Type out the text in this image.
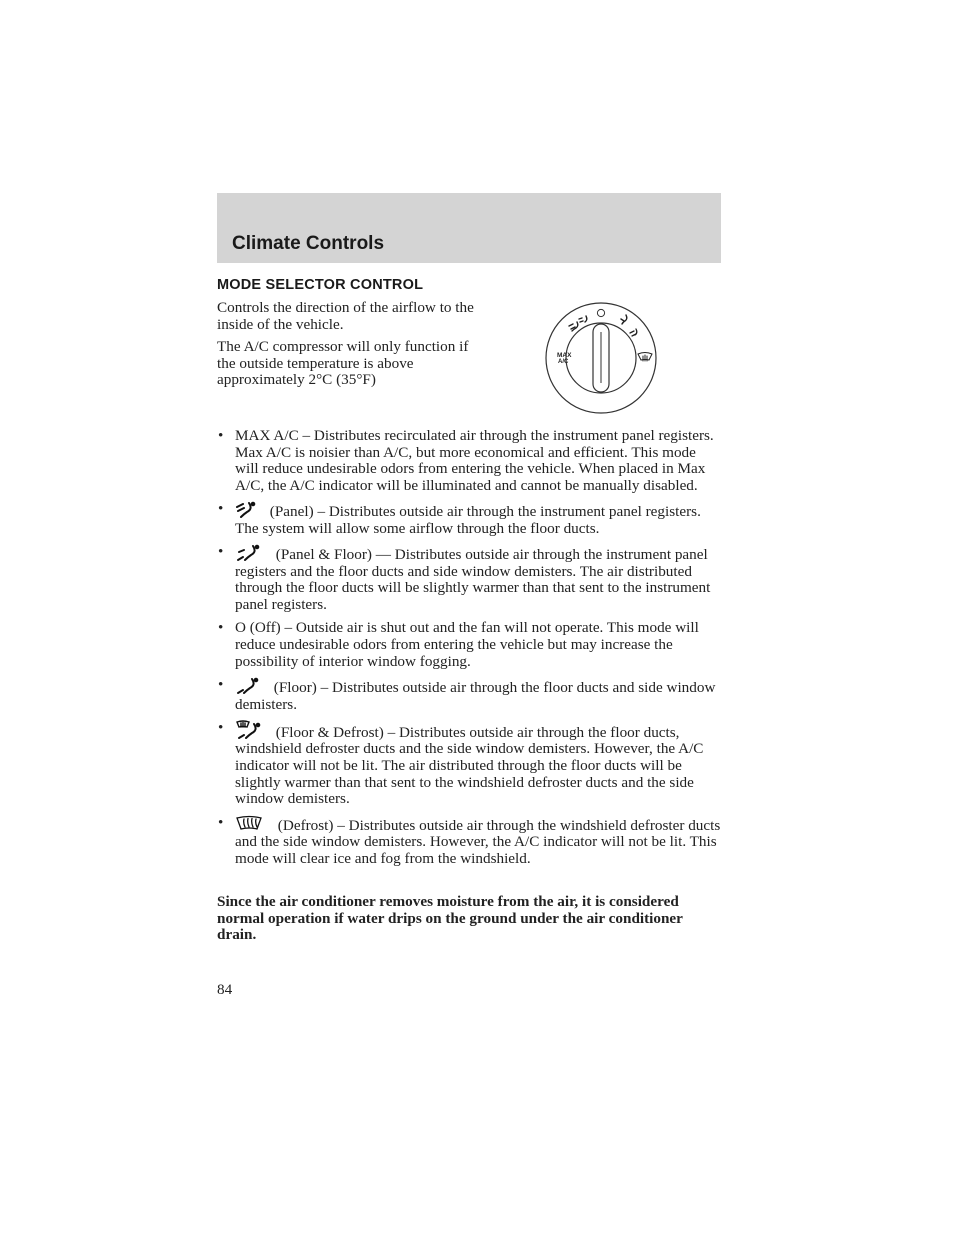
Climate Controls
MODE SELECTOR CONTROL
Controls the direction of the airflow to the inside of the vehicle.
The A/C compressor will only function if the outside temperature is above approximately 2°C (35°F)
MAX
A/C
• MAX A/C – Distributes recirculated air through the instrument panel registers. Max A/C is noisier than A/C, but more economical and efficient. This mode will reduce undesirable odors from entering the vehicle. When placed in Max A/C, the A/C indicator will be illuminated and cannot be manually disabled.
•	(Panel) – Distributes outside air through the instrument panel registers. The system will allow some airflow through the floor ducts.
•	(Panel & Floor) — Distributes outside air through the instrument panel registers and the floor ducts and side window demisters. The air distributed through the floor ducts will be slightly warmer than that sent to the instrument panel registers.
• O (Off) – Outside air is shut out and the fan will not operate. This mode will reduce undesirable odors from entering the vehicle but may increase the possibility of interior window fogging.
•	(Floor) – Distributes outside air through the floor ducts and side window demisters.
•	(Floor & Defrost) – Distributes outside air through the floor ducts, windshield defroster ducts and the side window demisters. However, the A/C indicator will not be lit. The air distributed through the floor ducts will be slightly warmer than that sent to the windshield defroster ducts and the side window demisters.
•	(Defrost) – Distributes outside air through the windshield defroster ducts and the side window demisters. However, the A/C indicator will not be lit. This mode will clear ice and fog from the windshield.
Since the air conditioner removes moisture from the air, it is considered normal operation if water drips on the ground under the air conditioner drain.
84
